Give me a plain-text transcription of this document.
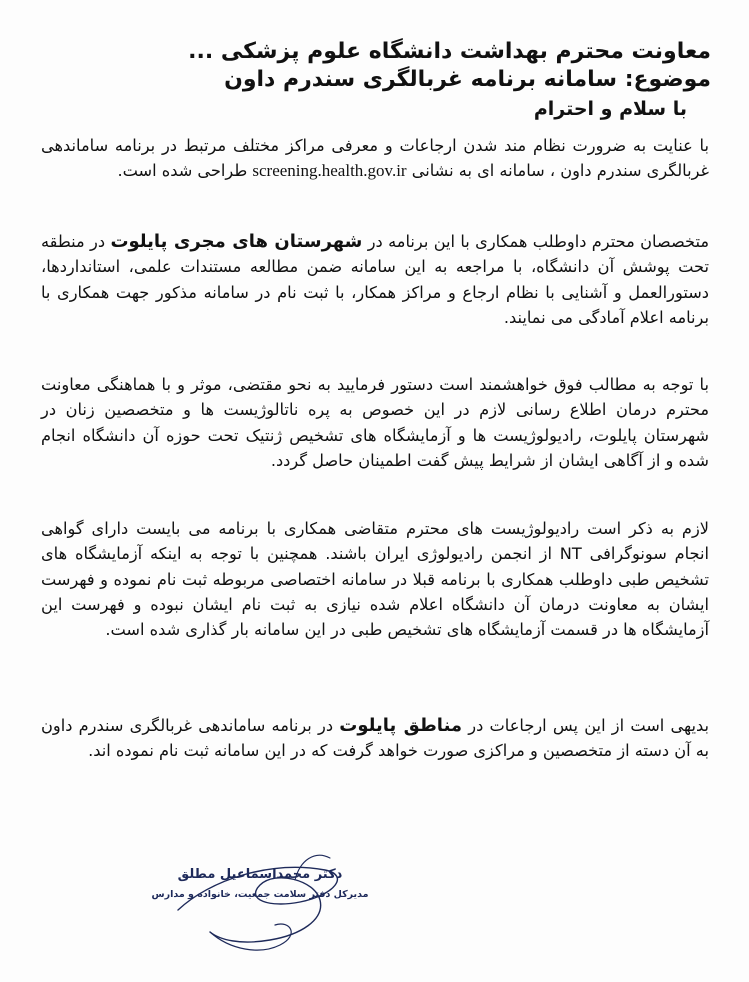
معاونت محترم بهداشت دانشگاه علوم پزشکی ...
موضوع: سامانه برنامه غربالگری سندرم داون
با سلام و احترام
با عنایت به ضرورت نظام مند شدن ارجاعات و معرفی مراکز مختلف مرتبط در برنامه ساماندهی غربالگری سندرم داون ، سامانه ای به نشانی screening.health.gov.ir طراحی شده است.
متخصصان محترم داوطلب همکاری با این برنامه در شهرستان های مجری پایلوت در منطقه تحت پوشش آن دانشگاه، با مراجعه به این سامانه ضمن مطالعه مستندات علمی، استانداردها، دستورالعمل و آشنایی با نظام ارجاع و مراکز همکار، با ثبت نام در سامانه مذکور جهت همکاری با برنامه اعلام آمادگی می نمایند.
با توجه به مطالب فوق خواهشمند است دستور فرمایید به نحو مقتضی، موثر و با هماهنگی معاونت محترم درمان اطلاع رسانی لازم در این خصوص به پره ناتالوژیست ها و متخصصین زنان در شهرستان پایلوت، رادیولوژیست ها و آزمایشگاه های تشخیص ژنتیک تحت حوزه آن دانشگاه انجام شده و از آگاهی ایشان از شرایط پیش گفت اطمینان حاصل گردد.
لازم به ذکر است رادیولوژیست های محترم متقاضی همکاری با برنامه می بایست دارای گواهی انجام سونوگرافی NT از انجمن رادیولوژی ایران باشند. همچنین با توجه به اینکه آزمایشگاه های تشخیص طبی داوطلب همکاری با برنامه قبلا در سامانه اختصاصی مربوطه ثبت نام نموده و فهرست ایشان به معاونت درمان آن دانشگاه اعلام شده نیازی به ثبت نام ایشان نبوده و فهرست این آزمایشگاه ها در قسمت آزمایشگاه های تشخیص طبی در این سامانه بار گذاری شده است.
بدیهی است از این پس ارجاعات در مناطق پایلوت در برنامه ساماندهی غربالگری سندرم داون به آن دسته از متخصصین و مراکزی صورت خواهد گرفت که در این سامانه ثبت نام نموده اند.
دکتر محمداسماعیل مطلق
مدیرکل دفتر سلامت جمعیت، خانواده و مدارس
